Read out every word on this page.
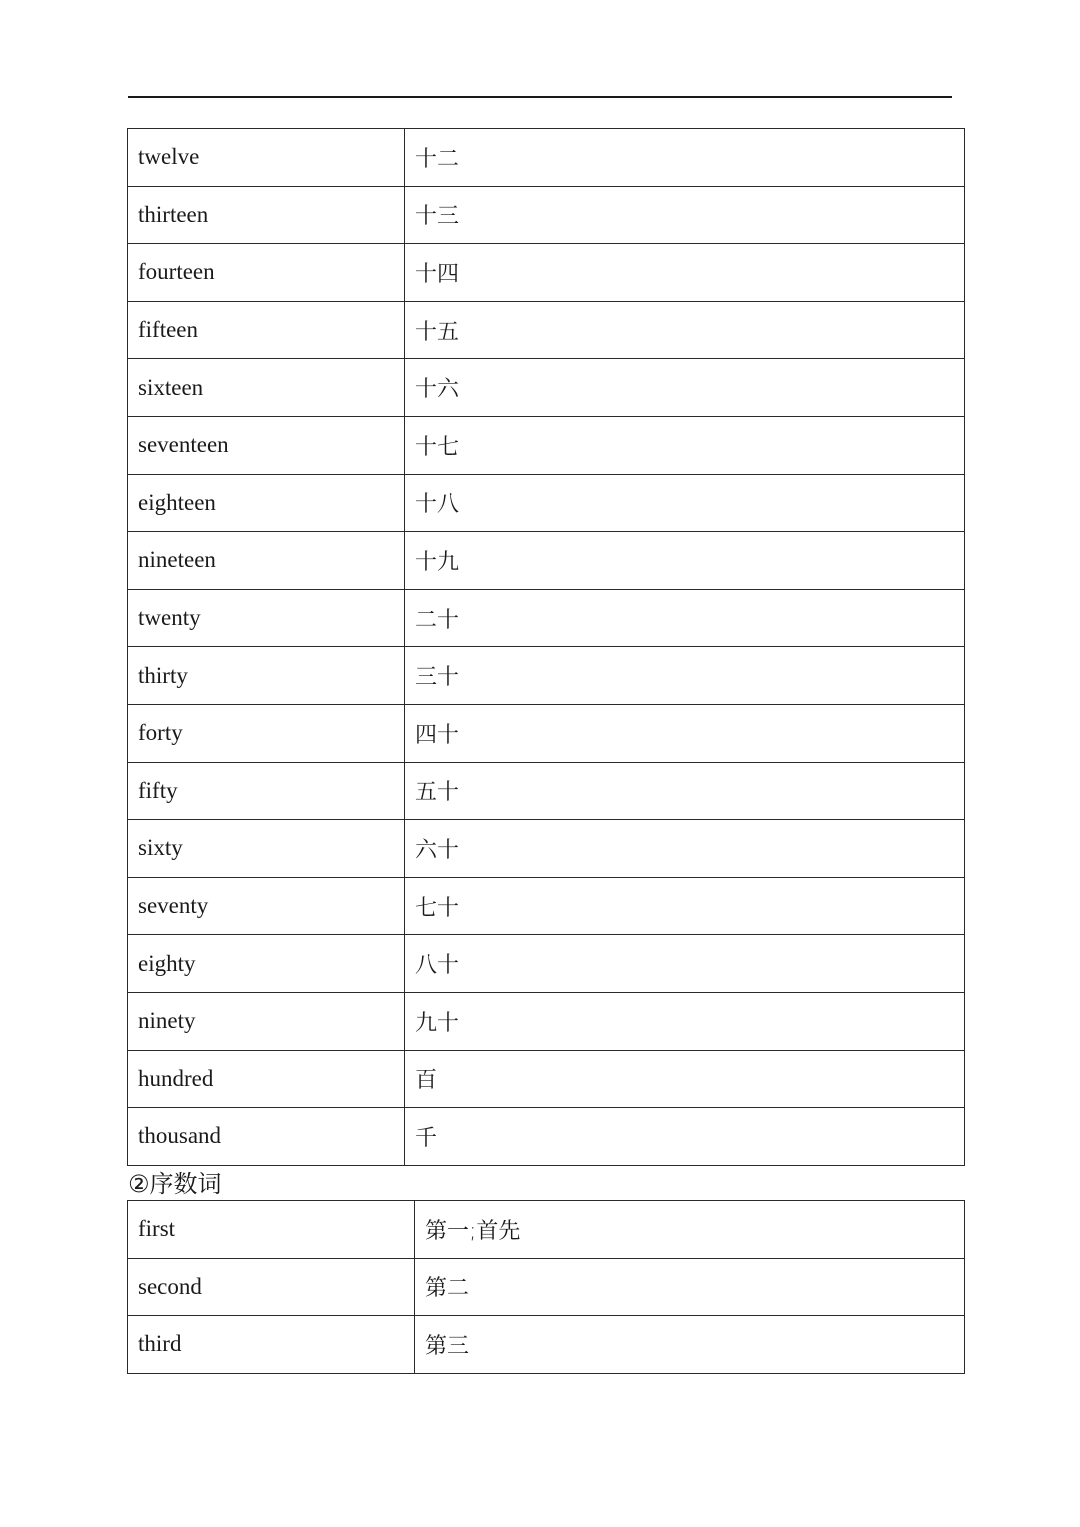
twelve	十二
thirteen	十三
fourteen	十四
fifteen	十五
sixteen	十六
seventeen	十七
eighteen	十八
nineteen	十九
twenty	二十
thirty	三十
forty	四十
fifty	五十
sixty	六十
seventy	七十
eighty	八十
ninety	九十
hundred	百
thousand	千
②序数词
first	第一;首先
second	第二
third	第三
